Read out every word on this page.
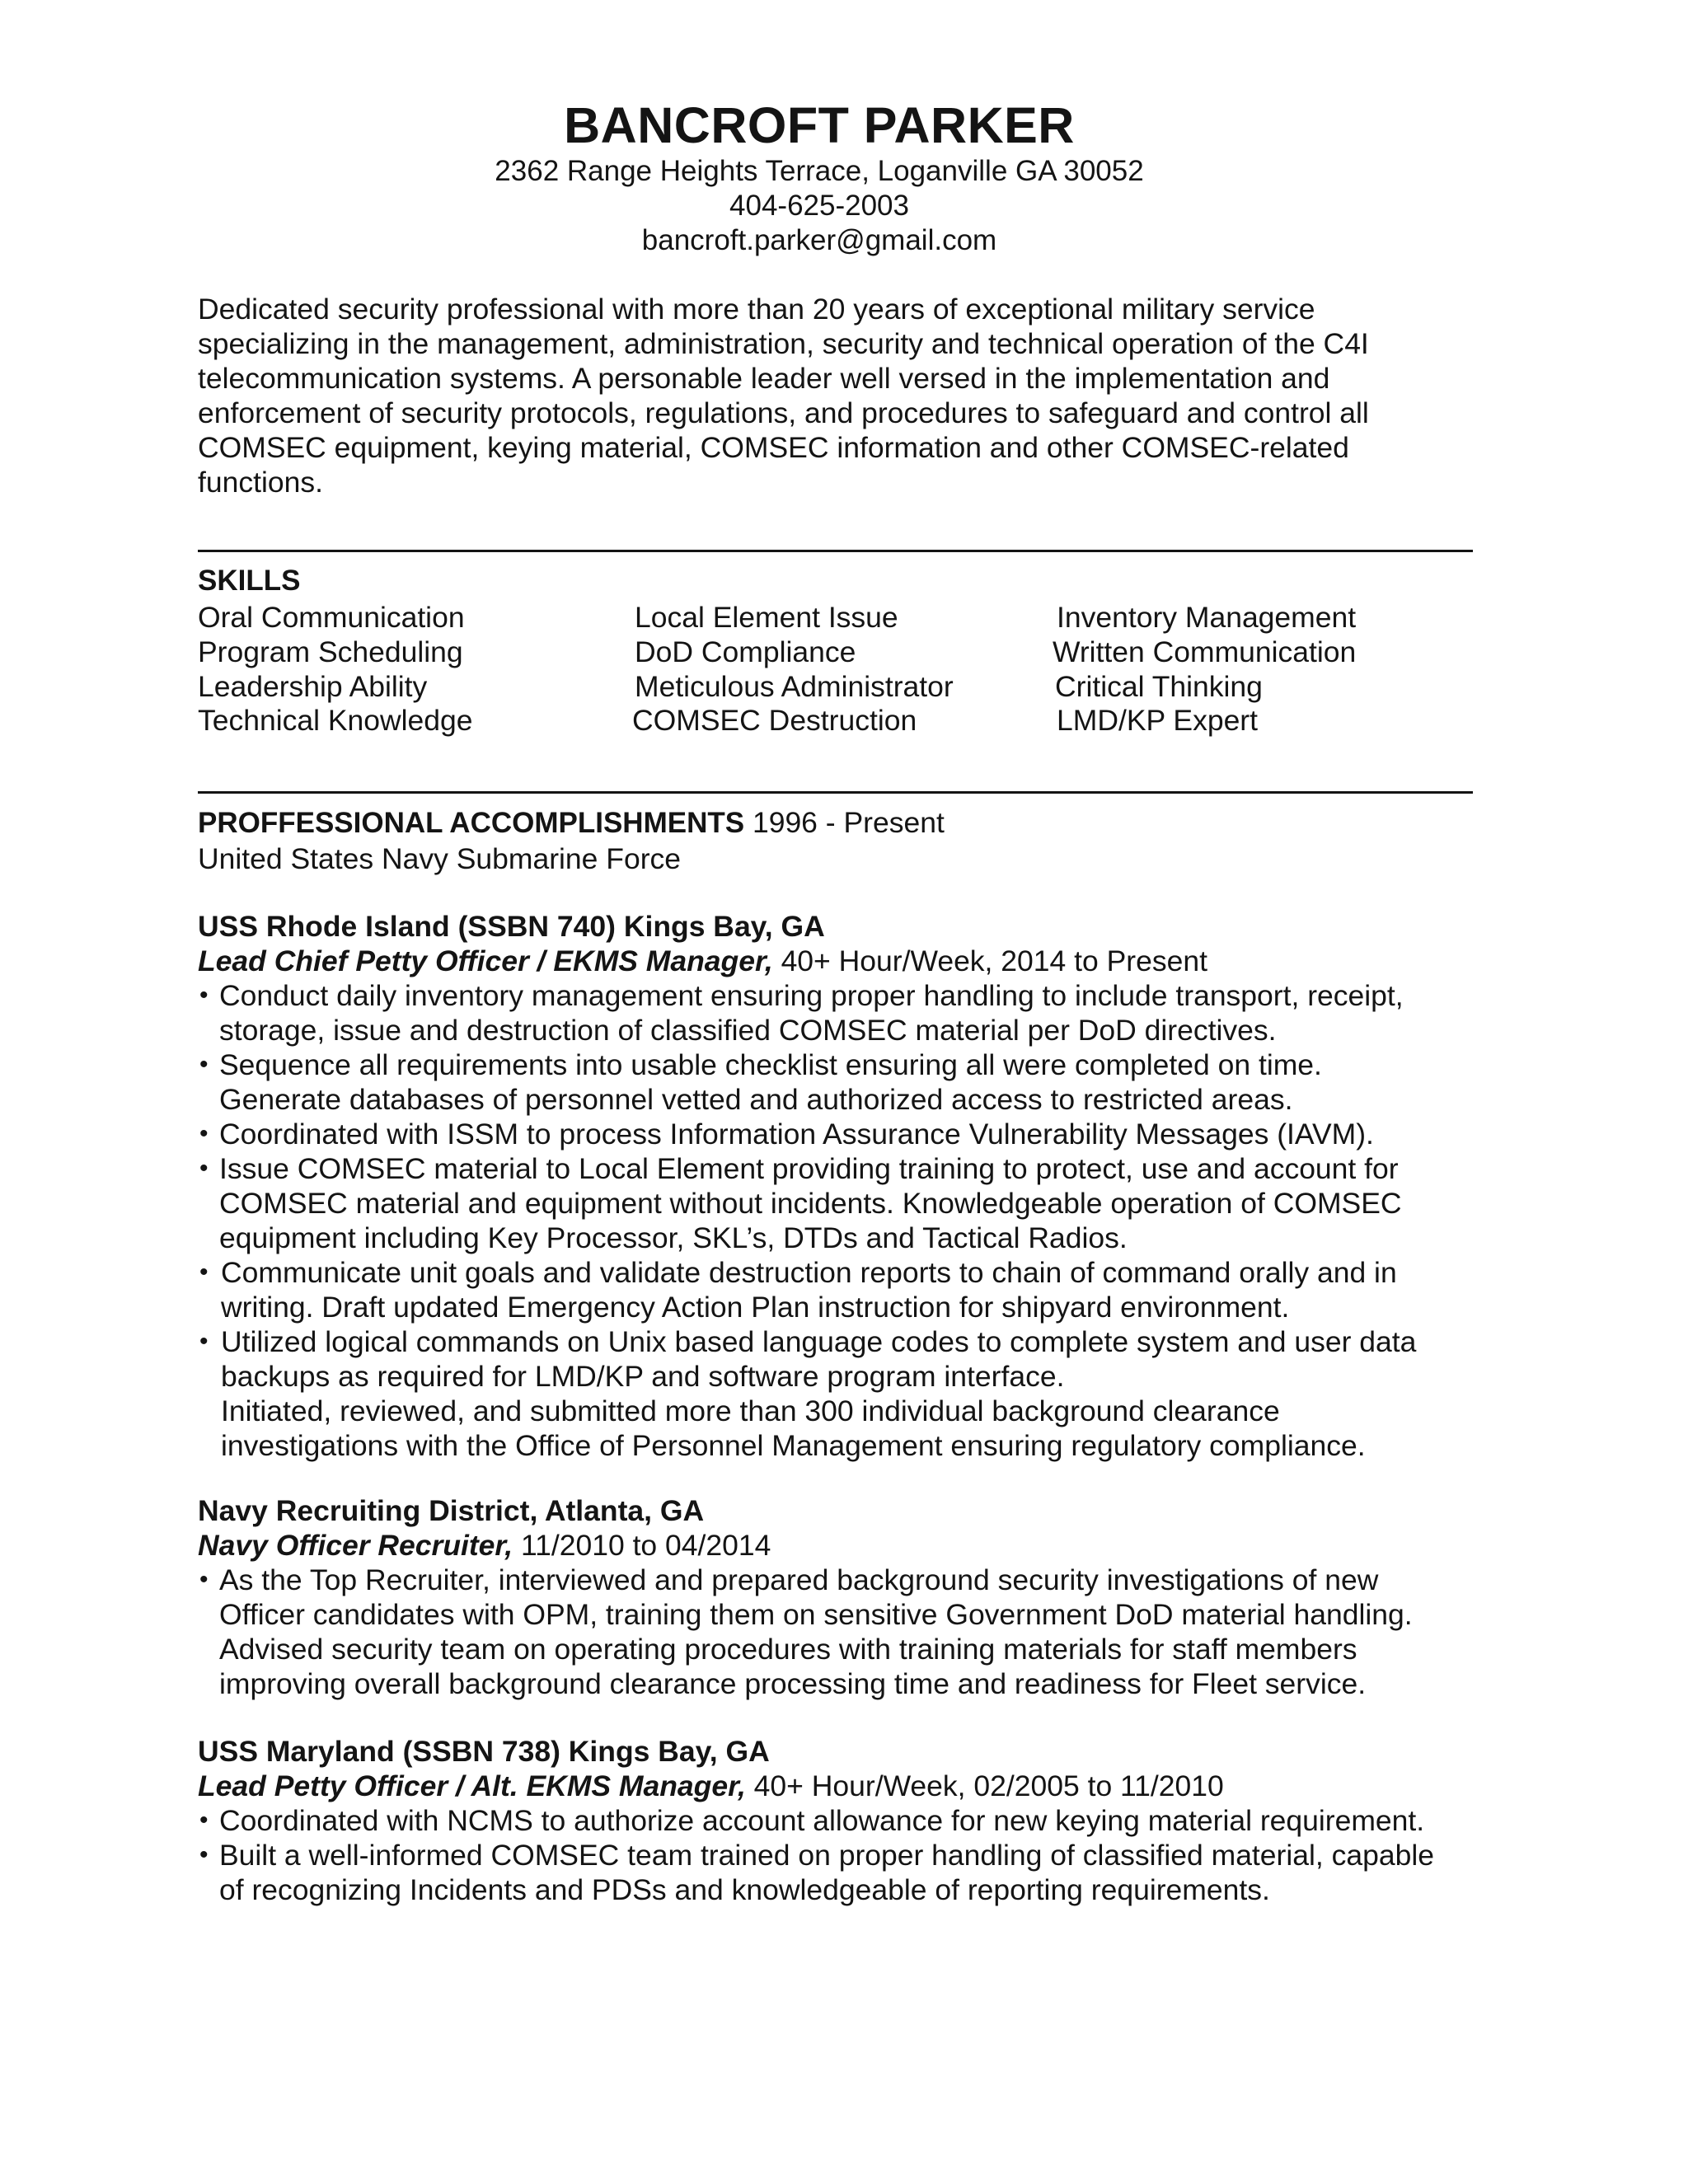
BANCROFT PARKER
2362 Range Heights Terrace, Loganville GA 30052
404-625-2003
bancroft.parker@gmail.com
Dedicated security professional with more than 20 years of exceptional military service
specializing in the management, administration, security and technical operation of the C4I
telecommunication systems. A personable leader well versed in the implementation and
enforcement of security protocols, regulations, and procedures to safeguard and control all
COMSEC equipment, keying material, COMSEC information and other COMSEC-related
functions.
SKILLS
Oral Communication
Program Scheduling
Leadership Ability
Technical Knowledge
Local Element Issue
DoD Compliance
Meticulous Administrator
COMSEC Destruction
Inventory Management
Written Communication
Critical Thinking
LMD/KP Expert
PROFFESSIONAL ACCOMPLISHMENTS 1996 - Present
United States Navy Submarine Force
USS Rhode Island (SSBN 740) Kings Bay, GA
Lead Chief Petty Officer / EKMS Manager, 40+ Hour/Week, 2014 to Present
• Conduct daily inventory management ensuring proper handling to include transport, receipt,
storage, issue and destruction of classified COMSEC material per DoD directives.
• Sequence all requirements into usable checklist ensuring all were completed on time.
Generate databases of personnel vetted and authorized access to restricted areas.
• Coordinated with ISSM to process Information Assurance Vulnerability Messages (IAVM).
• Issue COMSEC material to Local Element providing training to protect, use and account for
COMSEC material and equipment without incidents. Knowledgeable operation of COMSEC
equipment including Key Processor, SKL’s, DTDs and Tactical Radios.
• Communicate unit goals and validate destruction reports to chain of command orally and in
writing. Draft updated Emergency Action Plan instruction for shipyard environment.
• Utilized logical commands on Unix based language codes to complete system and user data
backups as required for LMD/KP and software program interface.
Initiated, reviewed, and submitted more than 300 individual background clearance
investigations with the Office of Personnel Management ensuring regulatory compliance.
Navy Recruiting District, Atlanta, GA
Navy Officer Recruiter, 11/2010 to 04/2014
• As the Top Recruiter, interviewed and prepared background security investigations of new
Officer candidates with OPM, training them on sensitive Government DoD material handling.
Advised security team on operating procedures with training materials for staff members
improving overall background clearance processing time and readiness for Fleet service.
USS Maryland (SSBN 738) Kings Bay, GA
Lead Petty Officer / Alt. EKMS Manager, 40+ Hour/Week, 02/2005 to 11/2010
• Coordinated with NCMS to authorize account allowance for new keying material requirement.
• Built a well-informed COMSEC team trained on proper handling of classified material, capable
of recognizing Incidents and PDSs and knowledgeable of reporting requirements.
